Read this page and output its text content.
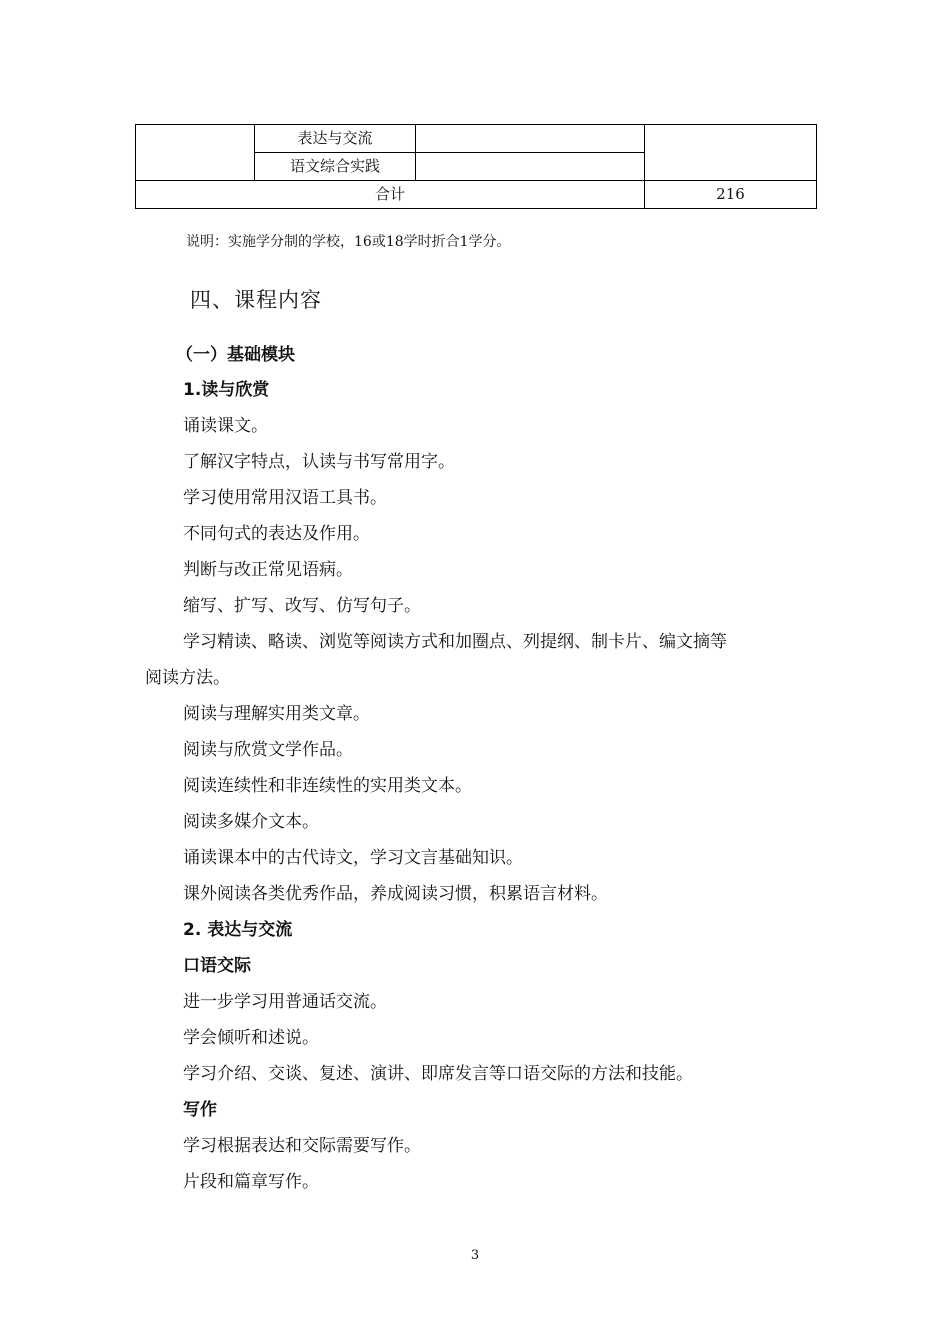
	表达与交流		
	语文综合实践		
合计			216
说明：实施学分制的学校，16或18学时折合1学分。
四、课程内容
（一）基础模块
1.读与欣赏
诵读课文。
了解汉字特点，认读与书写常用字。
学习使用常用汉语工具书。
不同句式的表达及作用。
判断与改正常见语病。
缩写、扩写、改写、仿写句子。
学习精读、略读、浏览等阅读方式和加圈点、列提纲、制卡片、编文摘等
阅读方法。
阅读与理解实用类文章。
阅读与欣赏文学作品。
阅读连续性和非连续性的实用类文本。
阅读多媒介文本。
诵读课本中的古代诗文，学习文言基础知识。
课外阅读各类优秀作品，养成阅读习惯，积累语言材料。
2. 表达与交流
口语交际
进一步学习用普通话交流。
学会倾听和述说。
学习介绍、交谈、复述、演讲、即席发言等口语交际的方法和技能。
写作
学习根据表达和交际需要写作。
片段和篇章写作。
3
